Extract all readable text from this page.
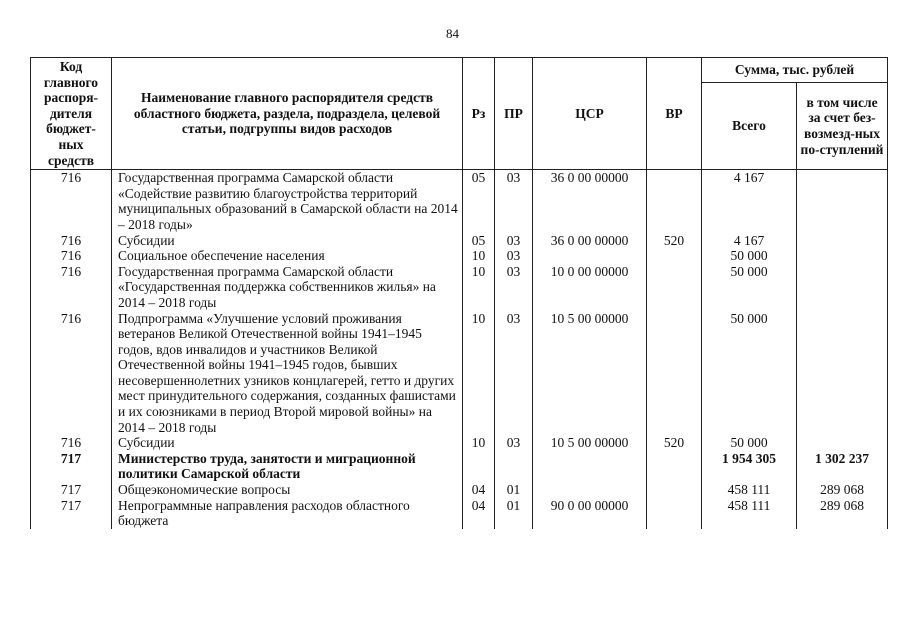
84
Код главного распоря-дителя бюджет-ных средств	Наименование главного распорядителя средств областного бюджета, раздела, подраздела, целевой статьи, подгруппы видов расходов	Рз	ПР	ЦСР	ВР	Сумма, тыс. рублей	
						Всего	в том числе за счет без-возмезд-ных по-ступлений
716	Государственная программа Самарской области «Содействие развитию благоустройства территорий муниципальных образований в Самарской области на 2014 – 2018 годы»	05	03	36 0 00 00000		4 167	
716	Субсидии	05	03	36 0 00 00000	520	4 167	
716	Социальное обеспечение населения	10	03			50 000	
716	Государственная программа Самарской области «Государственная поддержка собственников жилья» на 2014 – 2018 годы	10	03	10 0 00 00000		50 000	
716	Подпрограмма «Улучшение условий проживания ветеранов Великой Отечественной войны 1941–1945 годов, вдов инвалидов и участников Великой Отечественной войны 1941–1945 годов, бывших несовершеннолетних узников концлагерей, гетто и других мест принудительного содержания, созданных фашистами и их союзниками в период Второй мировой войны» на 2014 – 2018 годы	10	03	10 5 00 00000		50 000	
716	Субсидии	10	03	10 5 00 00000	520	50 000	
717	Министерство труда, занятости и миграционной политики Самарской области					1 954 305	1 302 237
717	Общеэкономические вопросы	04	01			458 111	289 068
717	Непрограммные направления расходов областного бюджета	04	01	90 0 00 00000		458 111	289 068
